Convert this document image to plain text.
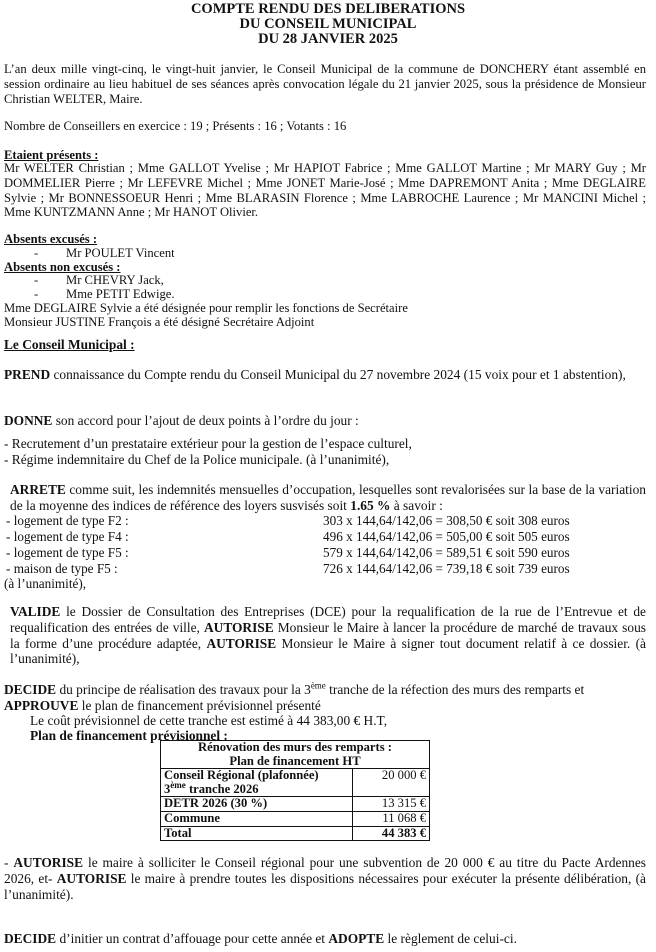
COMPTE RENDU DES DELIBERATIONS
DU CONSEIL MUNICIPAL
DU 28 JANVIER 2025
L’an deux mille vingt-cinq, le vingt-huit janvier, le Conseil Municipal de la commune de DONCHERY étant assemblé en session ordinaire au lieu habituel de ses séances après convocation légale du 21 janvier 2025, sous la présidence de Monsieur Christian WELTER, Maire.
Nombre de Conseillers en exercice : 19 ; Présents : 16 ; Votants : 16
Etaient présents :
Mr WELTER Christian ; Mme GALLOT Yvelise ; Mr HAPIOT Fabrice ; Mme GALLOT Martine ; Mr MARY Guy ; Mr DOMMELIER Pierre ; Mr LEFEVRE Michel ; Mme JONET Marie-José ; Mme DAPREMONT Anita ; Mme DEGLAIRE Sylvie ; Mr BONNESSOEUR Henri ; Mme BLARASIN Florence ; Mme LABROCHE Laurence ; Mr MANCINI Michel ; Mme KUNTZMANN Anne ; Mr HANOT Olivier.
Absents excusés :
- Mr POULET Vincent
Absents non excusés :
- Mr CHEVRY Jack,
- Mme PETIT Edwige.
Mme DEGLAIRE Sylvie a été désignée pour remplir les fonctions de Secrétaire
Monsieur JUSTINE François a été désigné Secrétaire Adjoint
Le Conseil Municipal :
PREND connaissance du Compte rendu du Conseil Municipal du 27 novembre 2024 (15 voix pour et 1 abstention),
DONNE son accord pour l’ajout de deux points à l’ordre du jour :
- Recrutement d’un prestataire extérieur pour la gestion de l’espace culturel,
- Régime indemnitaire du Chef de la Police municipale. (à l’unanimité),
ARRETE comme suit, les indemnités mensuelles d’occupation, lesquelles sont revalorisées sur la base de la variation de la moyenne des indices de référence des loyers susvisés soit 1.65 % à savoir :
- logement de type F2 :	303 x 144,64/142,06 = 308,50 € soit 308 euros
- logement de type F4 :	496 x 144,64/142,06 = 505,00 € soit 505 euros
- logement de type F5 :	579 x 144,64/142,06 = 589,51 € soit 590 euros
- maison de type F5 :	726 x 144,64/142,06 = 739,18 € soit 739 euros
(à l’unanimité),
VALIDE le Dossier de Consultation des Entreprises (DCE) pour la requalification de la rue de l’Entrevue et de requalification des entrées de ville, AUTORISE Monsieur le Maire à lancer la procédure de marché de travaux sous la forme d’une procédure adaptée, AUTORISE Monsieur le Maire à signer tout document relatif à ce dossier. (à l’unanimité),
DECIDE du principe de réalisation des travaux pour la 3ème tranche de la réfection des murs des remparts et
APPROUVE le plan de financement prévisionnel présenté
Le coût prévisionnel de cette tranche est estimé à 44 383,00 € H.T,
Plan de financement prévisionnel :
Rénovation des murs des remparts :
Plan de financement HT	

Conseil Régional (plafonnée)
3ème tranche 2026	20 000 €
DETR 2026 (30 %)	13 315 €
Commune	11 068 €
Total	44 383 €
- AUTORISE le maire à solliciter le Conseil régional pour une subvention de 20 000 € au titre du Pacte Ardennes 2026, et- AUTORISE le maire à prendre toutes les dispositions nécessaires pour exécuter la présente délibération, (à l’unanimité).
DECIDE d’initier un contrat d’affouage pour cette année et ADOPTE le règlement de celui-ci.
